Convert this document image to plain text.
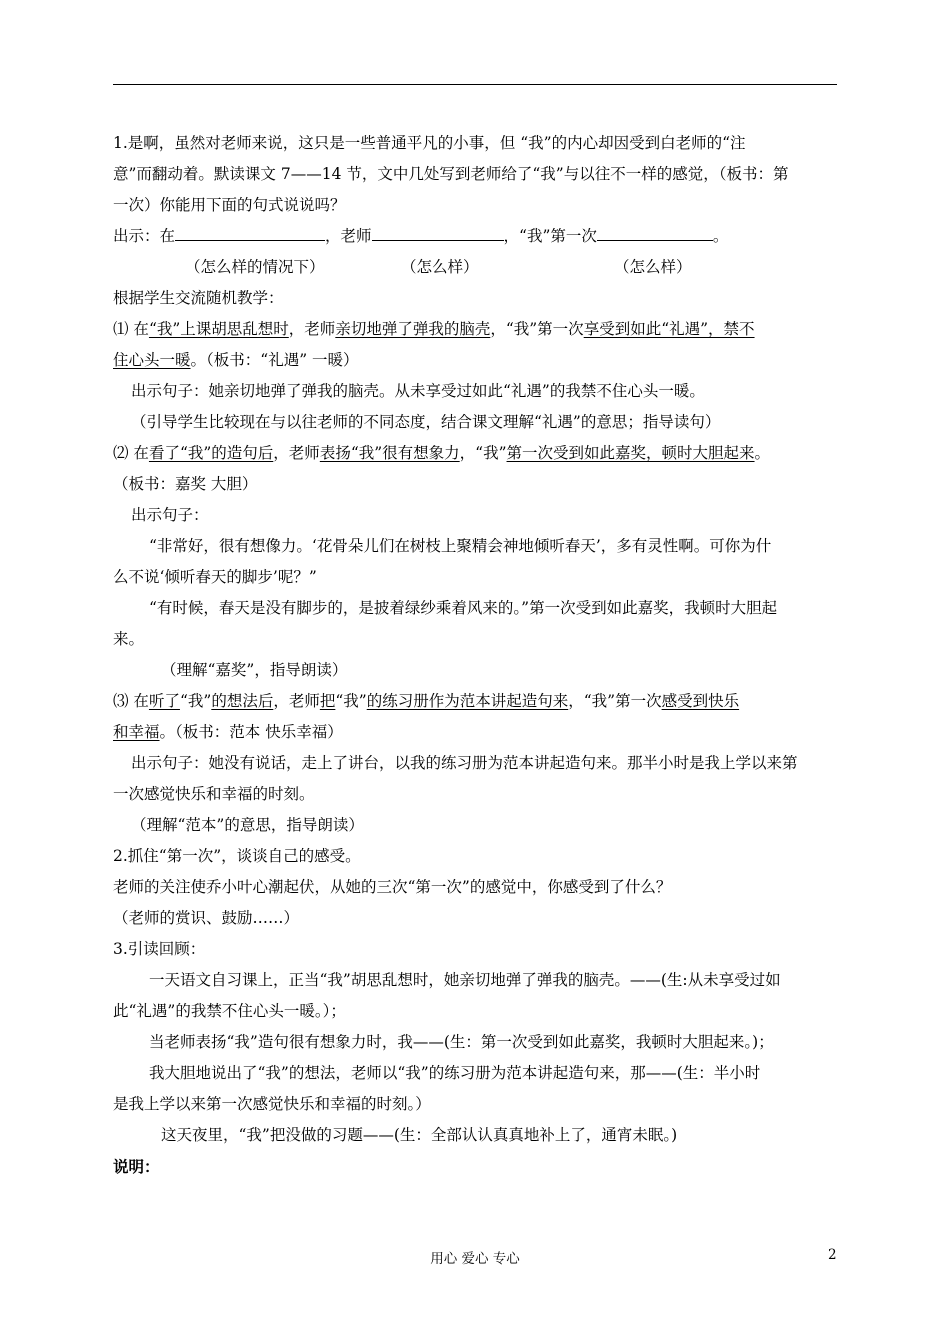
1.是啊，虽然对老师来说，这只是一些普通平凡的小事，但 “我”的内心却因受到白老师的“注

意”而翻动着。默读课文 7——14 节，文中几处写到老师给了“我”与以往不一样的感觉，（板书：第

一次）你能用下面的句式说说吗？

出示：在	，老师	，“我”第一次	。

（怎么样的情况下）	（怎么样）	（怎么样）

根据学生交流随机教学：

⑴ 在“我”上课胡思乱想时，老师亲切地弹了弹我的脑壳，“我”第一次享受到如此“礼遇”，禁不

住心头一暖。（板书：“礼遇” 一暖）

出示句子：她亲切地弹了弹我的脑壳。从未享受过如此“礼遇”的我禁不住心头一暖。

（引导学生比较现在与以往老师的不同态度，结合课文理解“礼遇”的意思；指导读句）

⑵ 在看了“我”的造句后，老师表扬“我”很有想象力，“我”第一次受到如此嘉奖，顿时大胆起来。

（板书：嘉奖 大胆）

出示句子：

“非常好，很有想像力。‘花骨朵儿们在树枝上聚精会神地倾听春天’，多有灵性啊。可你为什

么不说‘倾听春天的脚步’呢？”

“有时候，春天是没有脚步的，是披着绿纱乘着风来的。”第一次受到如此嘉奖，我顿时大胆起

来。

（理解“嘉奖”，指导朗读）

⑶ 在听了“我”的想法后，老师把“我”的练习册作为范本讲起造句来，“我”第一次感受到快乐

和幸福。（板书：范本 快乐幸福）

出示句子：她没有说话，走上了讲台，以我的练习册为范本讲起造句来。那半小时是我上学以来第

一次感觉快乐和幸福的时刻。

（理解“范本”的意思，指导朗读）

2.抓住“第一次”，谈谈自己的感受。

老师的关注使乔小叶心潮起伏，从她的三次“第一次”的感觉中，你感受到了什么？

（老师的赏识、鼓励……）

3.引读回顾：

一天语文自习课上，正当“我”胡思乱想时，她亲切地弹了弹我的脑壳。——(生:从未享受过如

此“礼遇”的我禁不住心头一暖。）；

当老师表扬“我”造句很有想象力时，我——(生：第一次受到如此嘉奖，我顿时大胆起来。)；

我大胆地说出了“我”的想法，老师以“我”的练习册为范本讲起造句来，那——(生：半小时

是我上学以来第一次感觉快乐和幸福的时刻。）

这天夜里，“我”把没做的习题——(生：全部认认真真地补上了，通宵未眠。)

说明：

用心 爱心 专心	2
